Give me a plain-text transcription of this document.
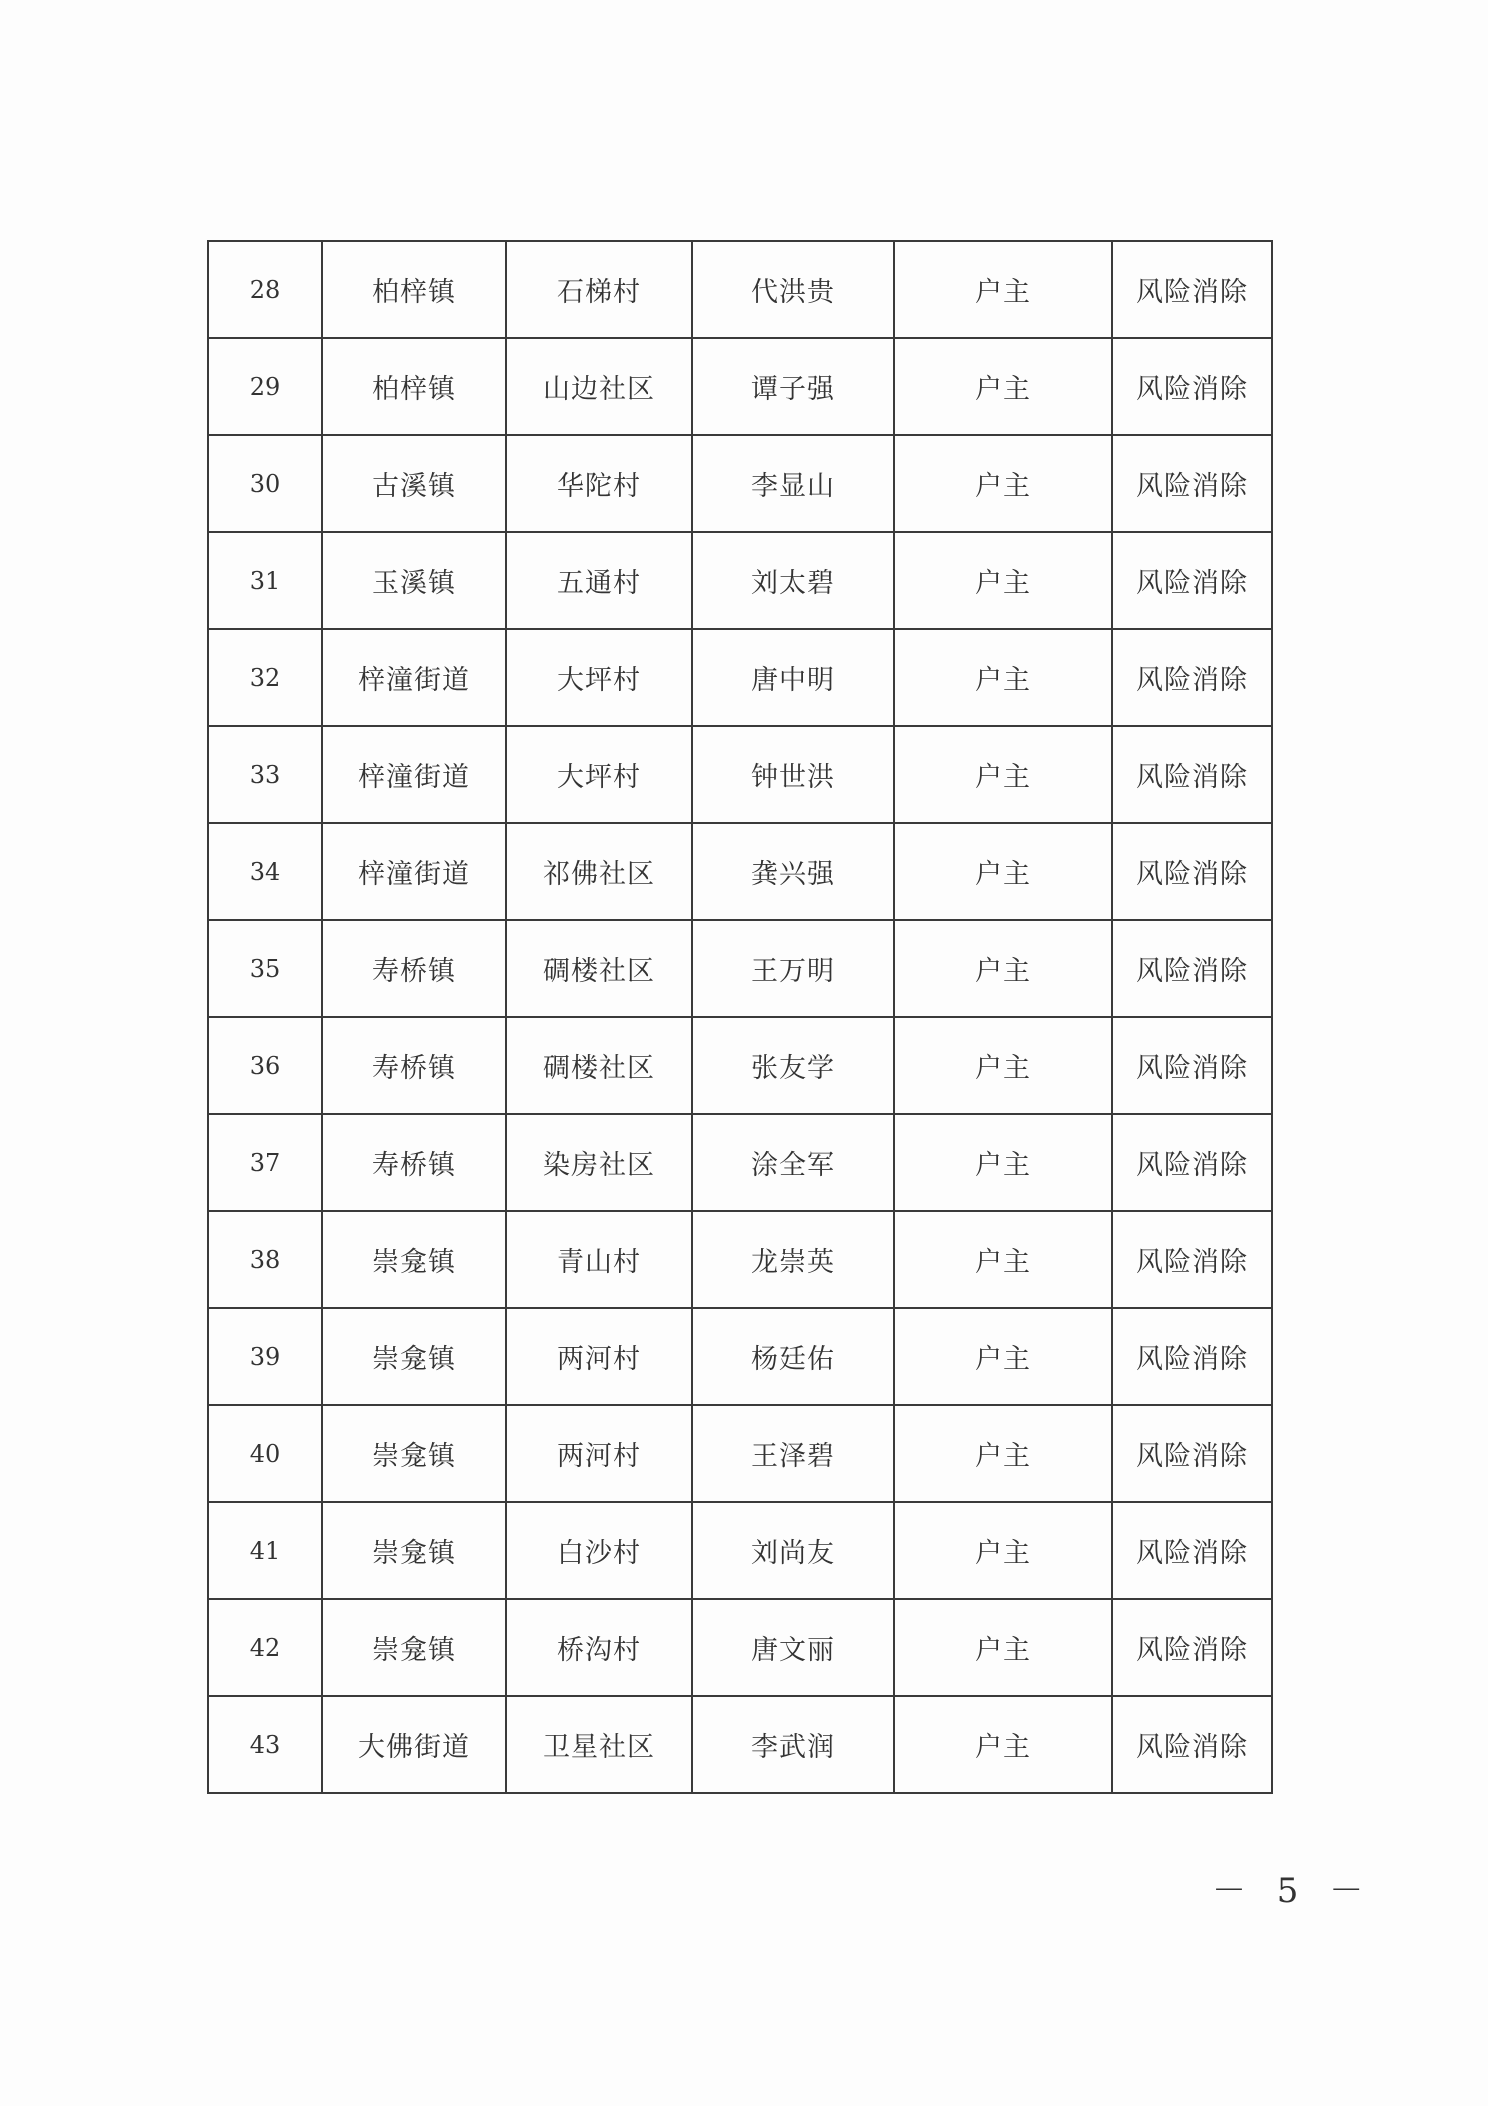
28	柏梓镇	石梯村	代洪贵	户主	风险消除
29	柏梓镇	山边社区	谭子强	户主	风险消除
30	古溪镇	华陀村	李显山	户主	风险消除
31	玉溪镇	五通村	刘太碧	户主	风险消除
32	梓潼街道	大坪村	唐中明	户主	风险消除
33	梓潼街道	大坪村	钟世洪	户主	风险消除
34	梓潼街道	祁佛社区	龚兴强	户主	风险消除
35	寿桥镇	碉楼社区	王万明	户主	风险消除
36	寿桥镇	碉楼社区	张友学	户主	风险消除
37	寿桥镇	染房社区	涂全军	户主	风险消除
38	崇龛镇	青山村	龙崇英	户主	风险消除
39	崇龛镇	两河村	杨廷佑	户主	风险消除
40	崇龛镇	两河村	王泽碧	户主	风险消除
41	崇龛镇	白沙村	刘尚友	户主	风险消除
42	崇龛镇	桥沟村	唐文丽	户主	风险消除
43	大佛街道	卫星社区	李武润	户主	风险消除
－ 5 －
